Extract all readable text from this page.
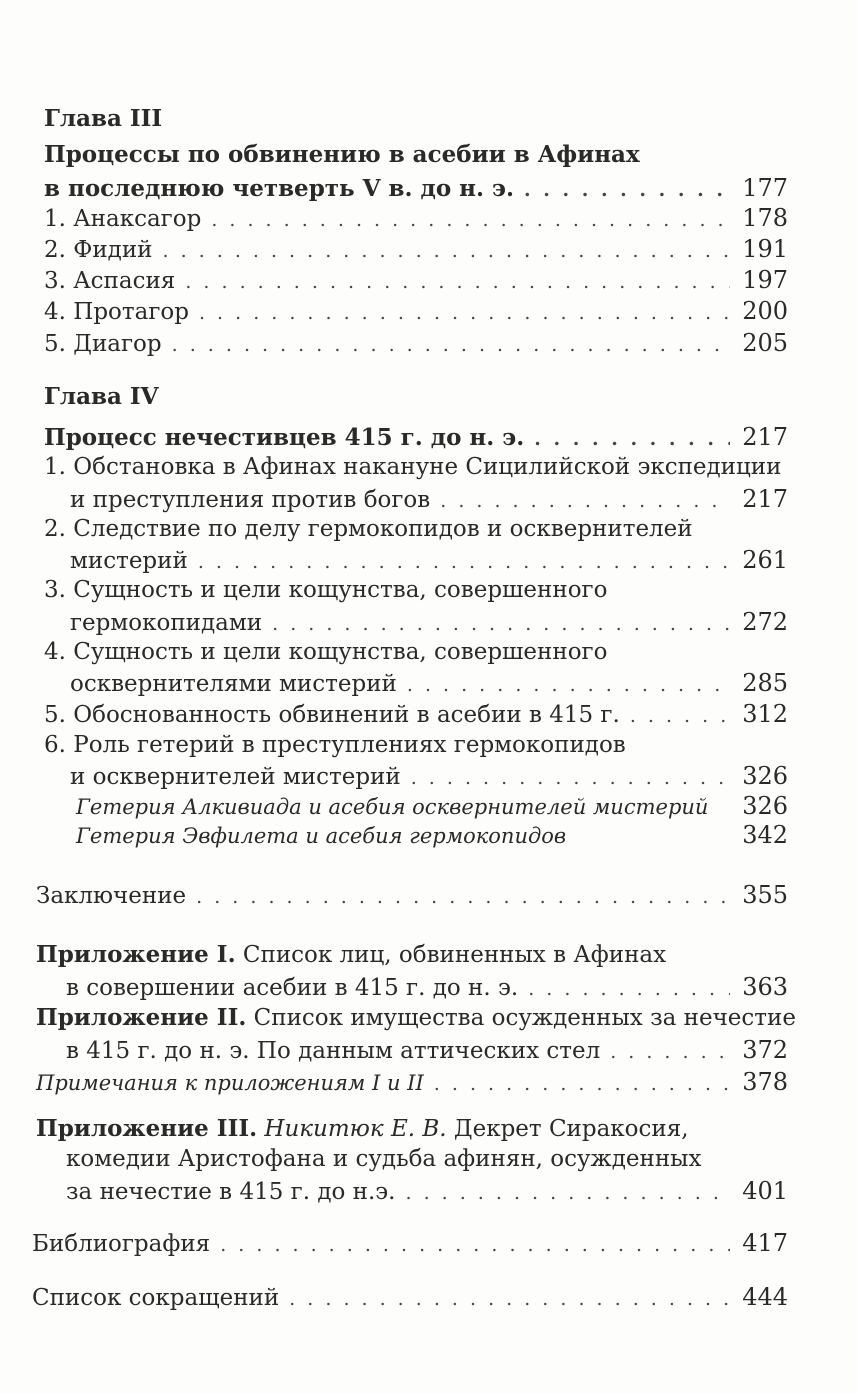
Глава III
Процессы по обвинению в асебии в Афинах
в последнюю четверть V в. до н. э. . . .	177
1. Анаксагор . . .	178
2. Фидий . . .	191
3. Аспасия . . .	197
4. Протагор . . .	200
5. Диагор . . .	205
Глава IV
Процесс нечестивцев 415 г. до н. э. . . .	217
1. Обстановка в Афинах накануне Сицилийской экспедиции
и преступления против богов . . .	217
2. Следствие по делу гермокопидов и осквернителей
мистерий . . .	261
3. Сущность и цели кощунства, совершенного
гермокопидами . . .	272
4. Сущность и цели кощунства, совершенного
осквернителями мистерий . . .	285
5. Обоснованность обвинений в асебии в 415 г. . . .	312
6. Роль гетерий в преступлениях гермокопидов
и осквернителей мистерий . . .	326
Гетерия Алкивиада и асебия осквернителей мистерий 326
Гетерия Эвфилета и асебия гермокопидов	342
Заключение . . .	355
Приложение I. Список лиц, обвиненных в Афинах
в совершении асебии в 415 г. до н. э. . . .	363
Приложение II. Список имущества осужденных за нечестие
в 415 г. до н. э. По данным аттических стел . . .	372
Примечания к приложениям I и II . . .	378
Приложение III. Никитюк Е. В. Декрет Сиракосия,
комедии Аристофана и судьба афинян, осужденных
за нечестие в 415 г. до н.э. . . .	401
Библиография . . .	417
Список сокращений . . .	444
